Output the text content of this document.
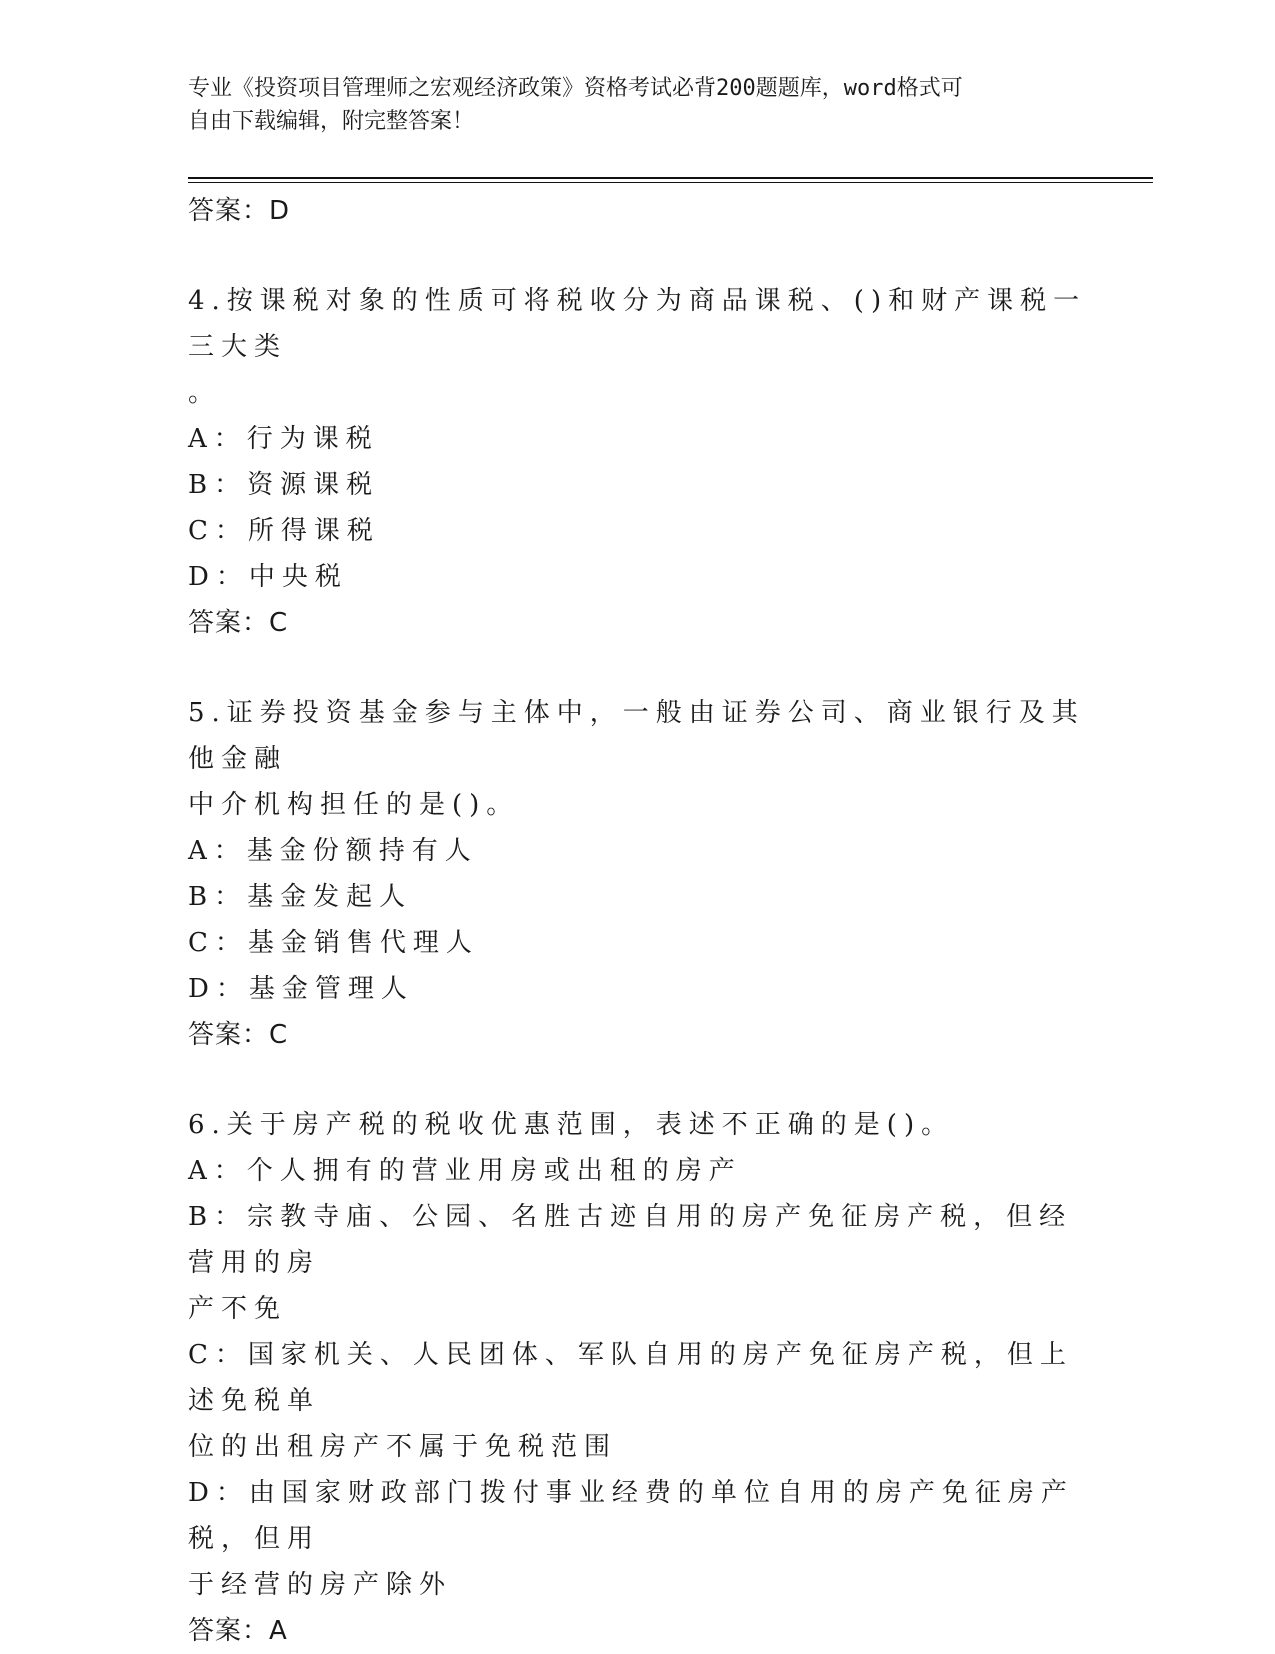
专业《投资项目管理师之宏观经济政策》资格考试必背200题题库，word格式可
自由下载编辑，附完整答案！

答案：D

4.按课税对象的性质可将税收分为商品课税、()和财产课税一三大类

。

A：行为课税

B：资源课税

C：所得课税

D：中央税

答案：C

5.证券投资基金参与主体中，一般由证券公司、商业银行及其他金融

中介机构担任的是()。

A：基金份额持有人

B：基金发起人

C：基金销售代理人

D：基金管理人

答案：C

6.关于房产税的税收优惠范围，表述不正确的是()。

A：个人拥有的营业用房或出租的房产

B：宗教寺庙、公园、名胜古迹自用的房产免征房产税，但经营用的房

产不免

C：国家机关、人民团体、军队自用的房产免征房产税，但上述免税单

位的出租房产不属于免税范围

D：由国家财政部门拨付事业经费的单位自用的房产免征房产税，但用

于经营的房产除外

答案：A
